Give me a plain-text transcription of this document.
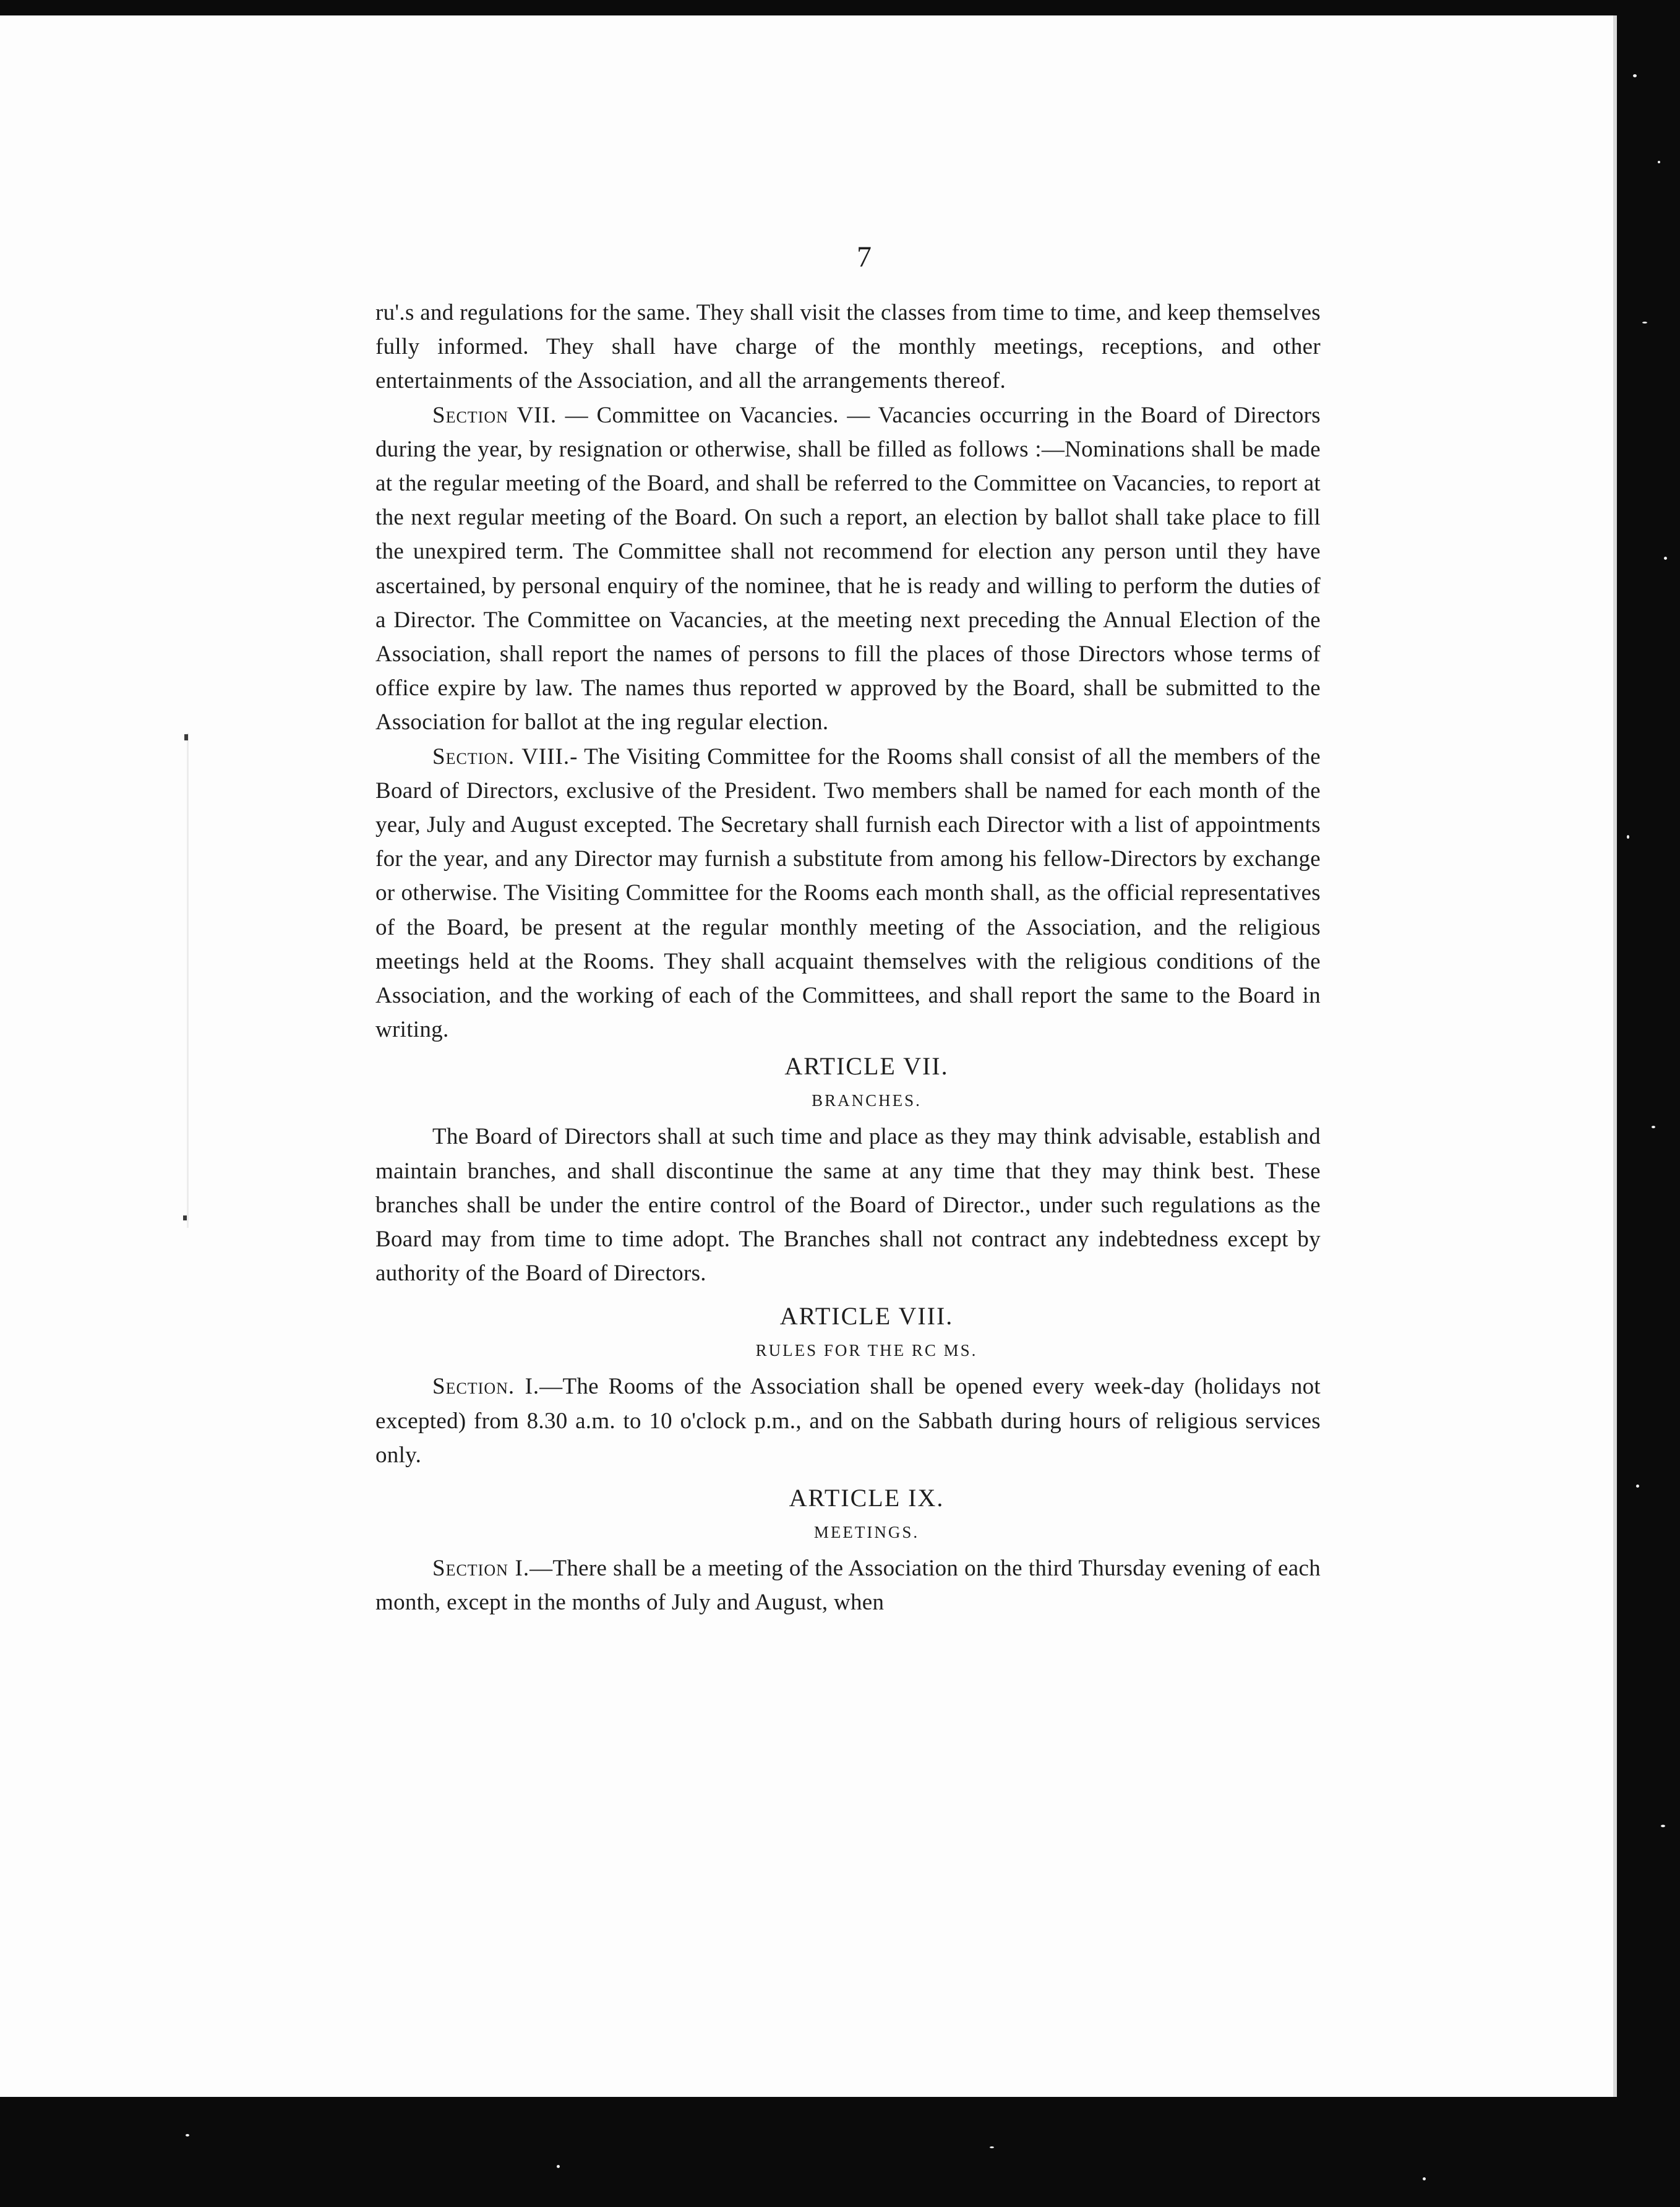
7

ru'.s and regulations for the same. They shall visit the classes from time to time, and keep themselves fully informed. They shall have charge of the monthly meetings, receptions, and other entertainments of the Association, and all the arrangements thereof.

Section VII. — Committee on Vacancies. — Vacancies occurring in the Board of Directors during the year, by resignation or otherwise, shall be filled as follows :—Nominations shall be made at the regular meeting of the Board, and shall be referred to the Committee on Vacancies, to report at the next regular meeting of the Board. On such a report, an election by ballot shall take place to fill the unexpired term. The Committee shall not recommend for election any person until they have ascertained, by personal enquiry of the nominee, that he is ready and willing to perform the duties of a Director. The Committee on Vacancies, at the meeting next preceding the Annual Election of the Association, shall report the names of persons to fill the places of those Directors whose terms of office expire by law. The names thus reported w approved by the Board, shall be submitted to the Association for ballot at the ing regular election.

Section. VIII.- The Visiting Committee for the Rooms shall consist of all the members of the Board of Directors, exclusive of the President. Two members shall be named for each month of the year, July and August excepted. The Secretary shall furnish each Director with a list of appointments for the year, and any Director may furnish a substitute from among his fellow-Directors by exchange or otherwise. The Visiting Committee for the Rooms each month shall, as the official representatives of the Board, be present at the regular monthly meeting of the Association, and the religious meetings held at the Rooms. They shall acquaint themselves with the religious conditions of the Association, and the working of each of the Committees, and shall report the same to the Board in writing.

ARTICLE VII.
BRANCHES.

The Board of Directors shall at such time and place as they may think advisable, establish and maintain branches, and shall discontinue the same at any time that they may think best. These branches shall be under the entire control of the Board of Director., under such regulations as the Board may from time to time adopt. The Branches shall not contract any indebtedness except by authority of the Board of Directors.

ARTICLE VIII.
RULES FOR THE RC MS.

Section. I.—The Rooms of the Association shall be opened every week-day (holidays not excepted) from 8.30 a.m. to 10 o'clock p.m., and on the Sabbath during hours of religious services only.

ARTICLE IX.
MEETINGS.

Section I.—There shall be a meeting of the Association on the third Thursday evening of each month, except in the months of July and August, when
